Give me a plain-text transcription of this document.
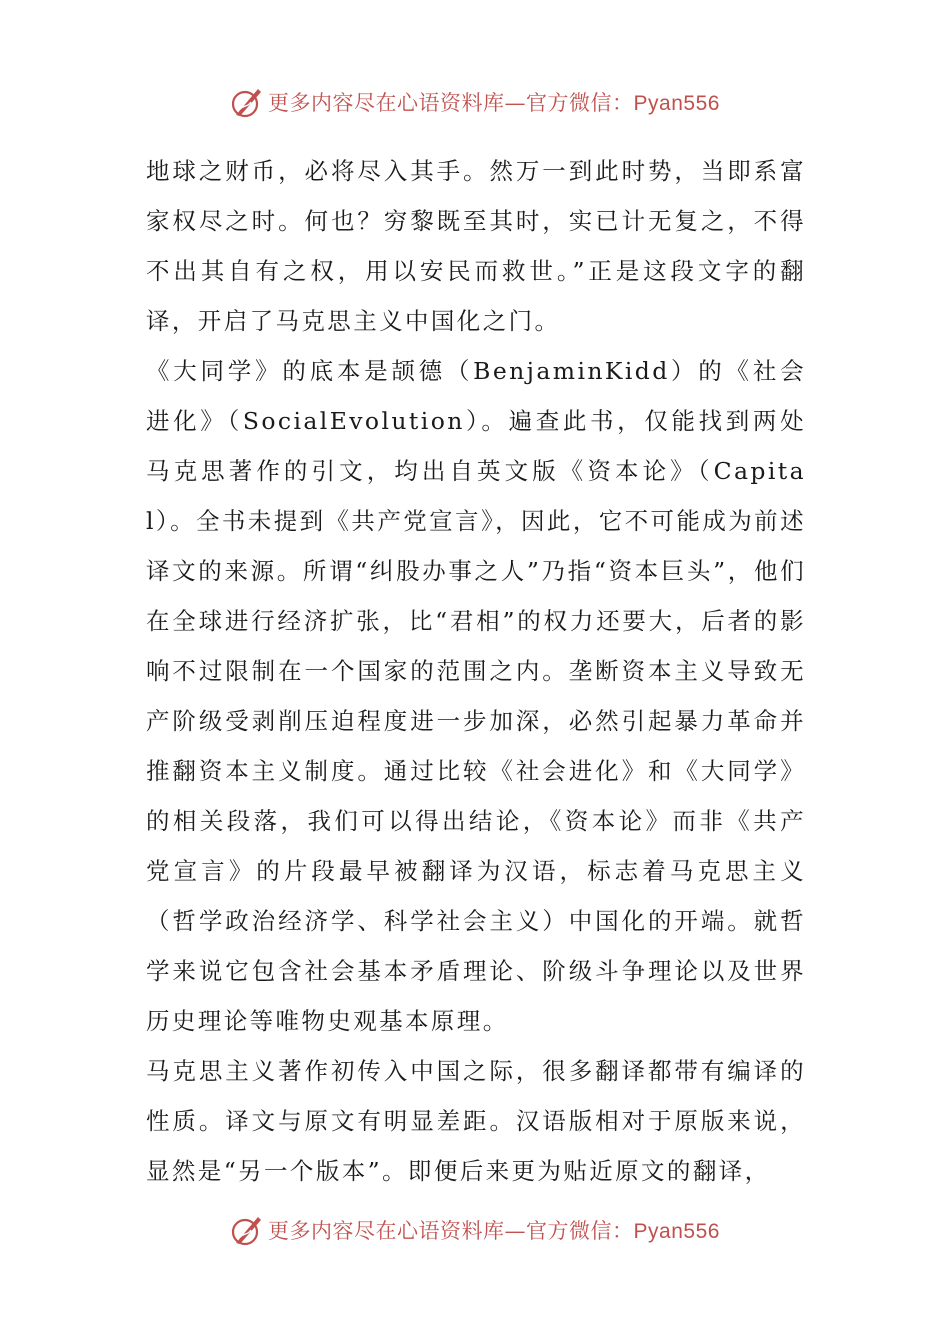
更多内容尽在心语资料库—官方微信：Pyan556

地球之财币，必将尽入其手。然万一到此时势，当即系富家权尽之时。何也？穷黎既至其时，实已计无复之，不得不出其自有之权，用以安民而救世。”正是这段文字的翻译，开启了马克思主义中国化之门。

《大同学》的底本是颉德（BenjaminKidd）的《社会进化》（SocialEvolution）。遍查此书，仅能找到两处马克思著作的引文，均出自英文版《资本论》（Capital）。全书未提到《共产党宣言》，因此，它不可能成为前述译文的来源。所谓“纠股办事之人”乃指“资本巨头”，他们在全球进行经济扩张，比“君相”的权力还要大，后者的影响不过限制在一个国家的范围之内。垄断资本主义导致无产阶级受剥削压迫程度进一步加深，必然引起暴力革命并推翻资本主义制度。通过比较《社会进化》和《大同学》的相关段落，我们可以得出结论，《资本论》而非《共产党宣言》的片段最早被翻译为汉语，标志着马克思主义（哲学政治经济学、科学社会主义）中国化的开端。就哲学来说它包含社会基本矛盾理论、阶级斗争理论以及世界历史理论等唯物史观基本原理。

马克思主义著作初传入中国之际，很多翻译都带有编译的性质。译文与原文有明显差距。汉语版相对于原版来说，显然是“另一个版本”。即便后来更为贴近原文的翻译，

更多内容尽在心语资料库—官方微信：Pyan556
